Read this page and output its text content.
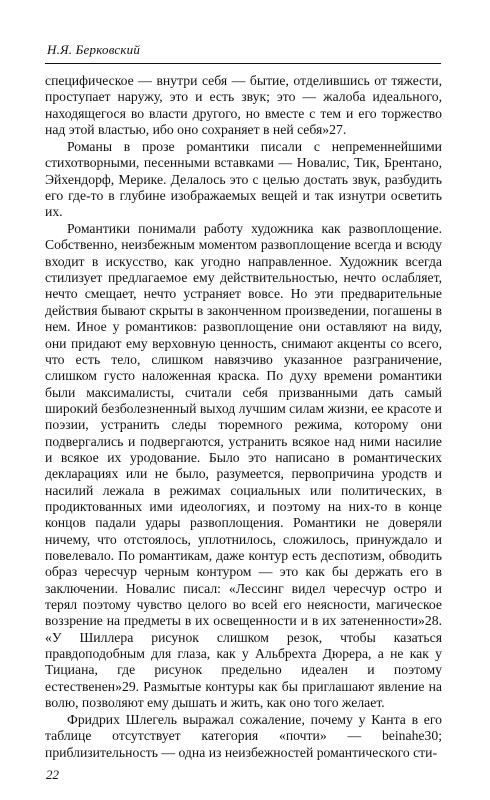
Н.Я. Берковский

специфическое — внутри себя — бытие, отделившись от тяжести, проступает наружу, это и есть звук; это — жалоба идеального, находящегося во власти другого, но вместе с тем и его торжество над этой властью, ибо оно сохраняет в ней себя»27.

Романы в прозе романтики писали с непременнейшими стихотворными, песенными вставками — Новалис, Тик, Брентано, Эйхендорф, Мерике. Делалось это с целью достать звук, разбудить его где-то в глубине изображаемых вещей и так изнутри осветить их.

Романтики понимали работу художника как развоплощение. Собственно, неизбежным моментом развоплощение всегда и всюду входит в искусство, как угодно направленное. Художник всегда стилизует предлагаемое ему действительностью, нечто ослабляет, нечто смещает, нечто устраняет вовсе. Но эти предварительные действия бывают скрыты в законченном произведении, погашены в нем. Иное у романтиков: развоплощение они оставляют на виду, они придают ему верховную ценность, снимают акценты со всего, что есть тело, слишком навязчиво указанное разграничение, слишком густо наложенная краска. По духу времени романтики были максималисты, считали себя призванными дать самый широкий безболезненный выход лучшим силам жизни, ее красоте и поэзии, устранить следы тюремного режима, которому они подвергались и подвергаются, устранить всякое над ними насилие и всякое их уродование. Было это написано в романтических декларациях или не было, разумеется, первопричина уродств и насилий лежала в режимах социальных или политических, в продиктованных ими идеологиях, и поэтому на них-то в конце концов падали удары развоплощения. Романтики не доверяли ничему, что отстоялось, уплотнилось, сложилось, принуждало и повелевало. По романтикам, даже контур есть деспотизм, обводить образ чересчур черным контуром — это как бы держать его в заключении. Новалис писал: «Лессинг видел чересчур остро и терял поэтому чувство целого во всей его неясности, магическое воззрение на предметы в их освещенности и в их затененности»28. «У Шиллера рисунок слишком резок, чтобы казаться правдоподобным для глаза, как у Альбрехта Дюрера, а не как у Тициана, где рисунок предельно идеален и поэтому естественен»29. Размытые контуры как бы приглашают явление на волю, позволяют ему дышать и жить, как оно того желает.

Фридрих Шлегель выражал сожаление, почему у Канта в его таблице отсутствует категория «почти» — beinahe30; приблизительность — одна из неизбежностей романтического сти-

22
